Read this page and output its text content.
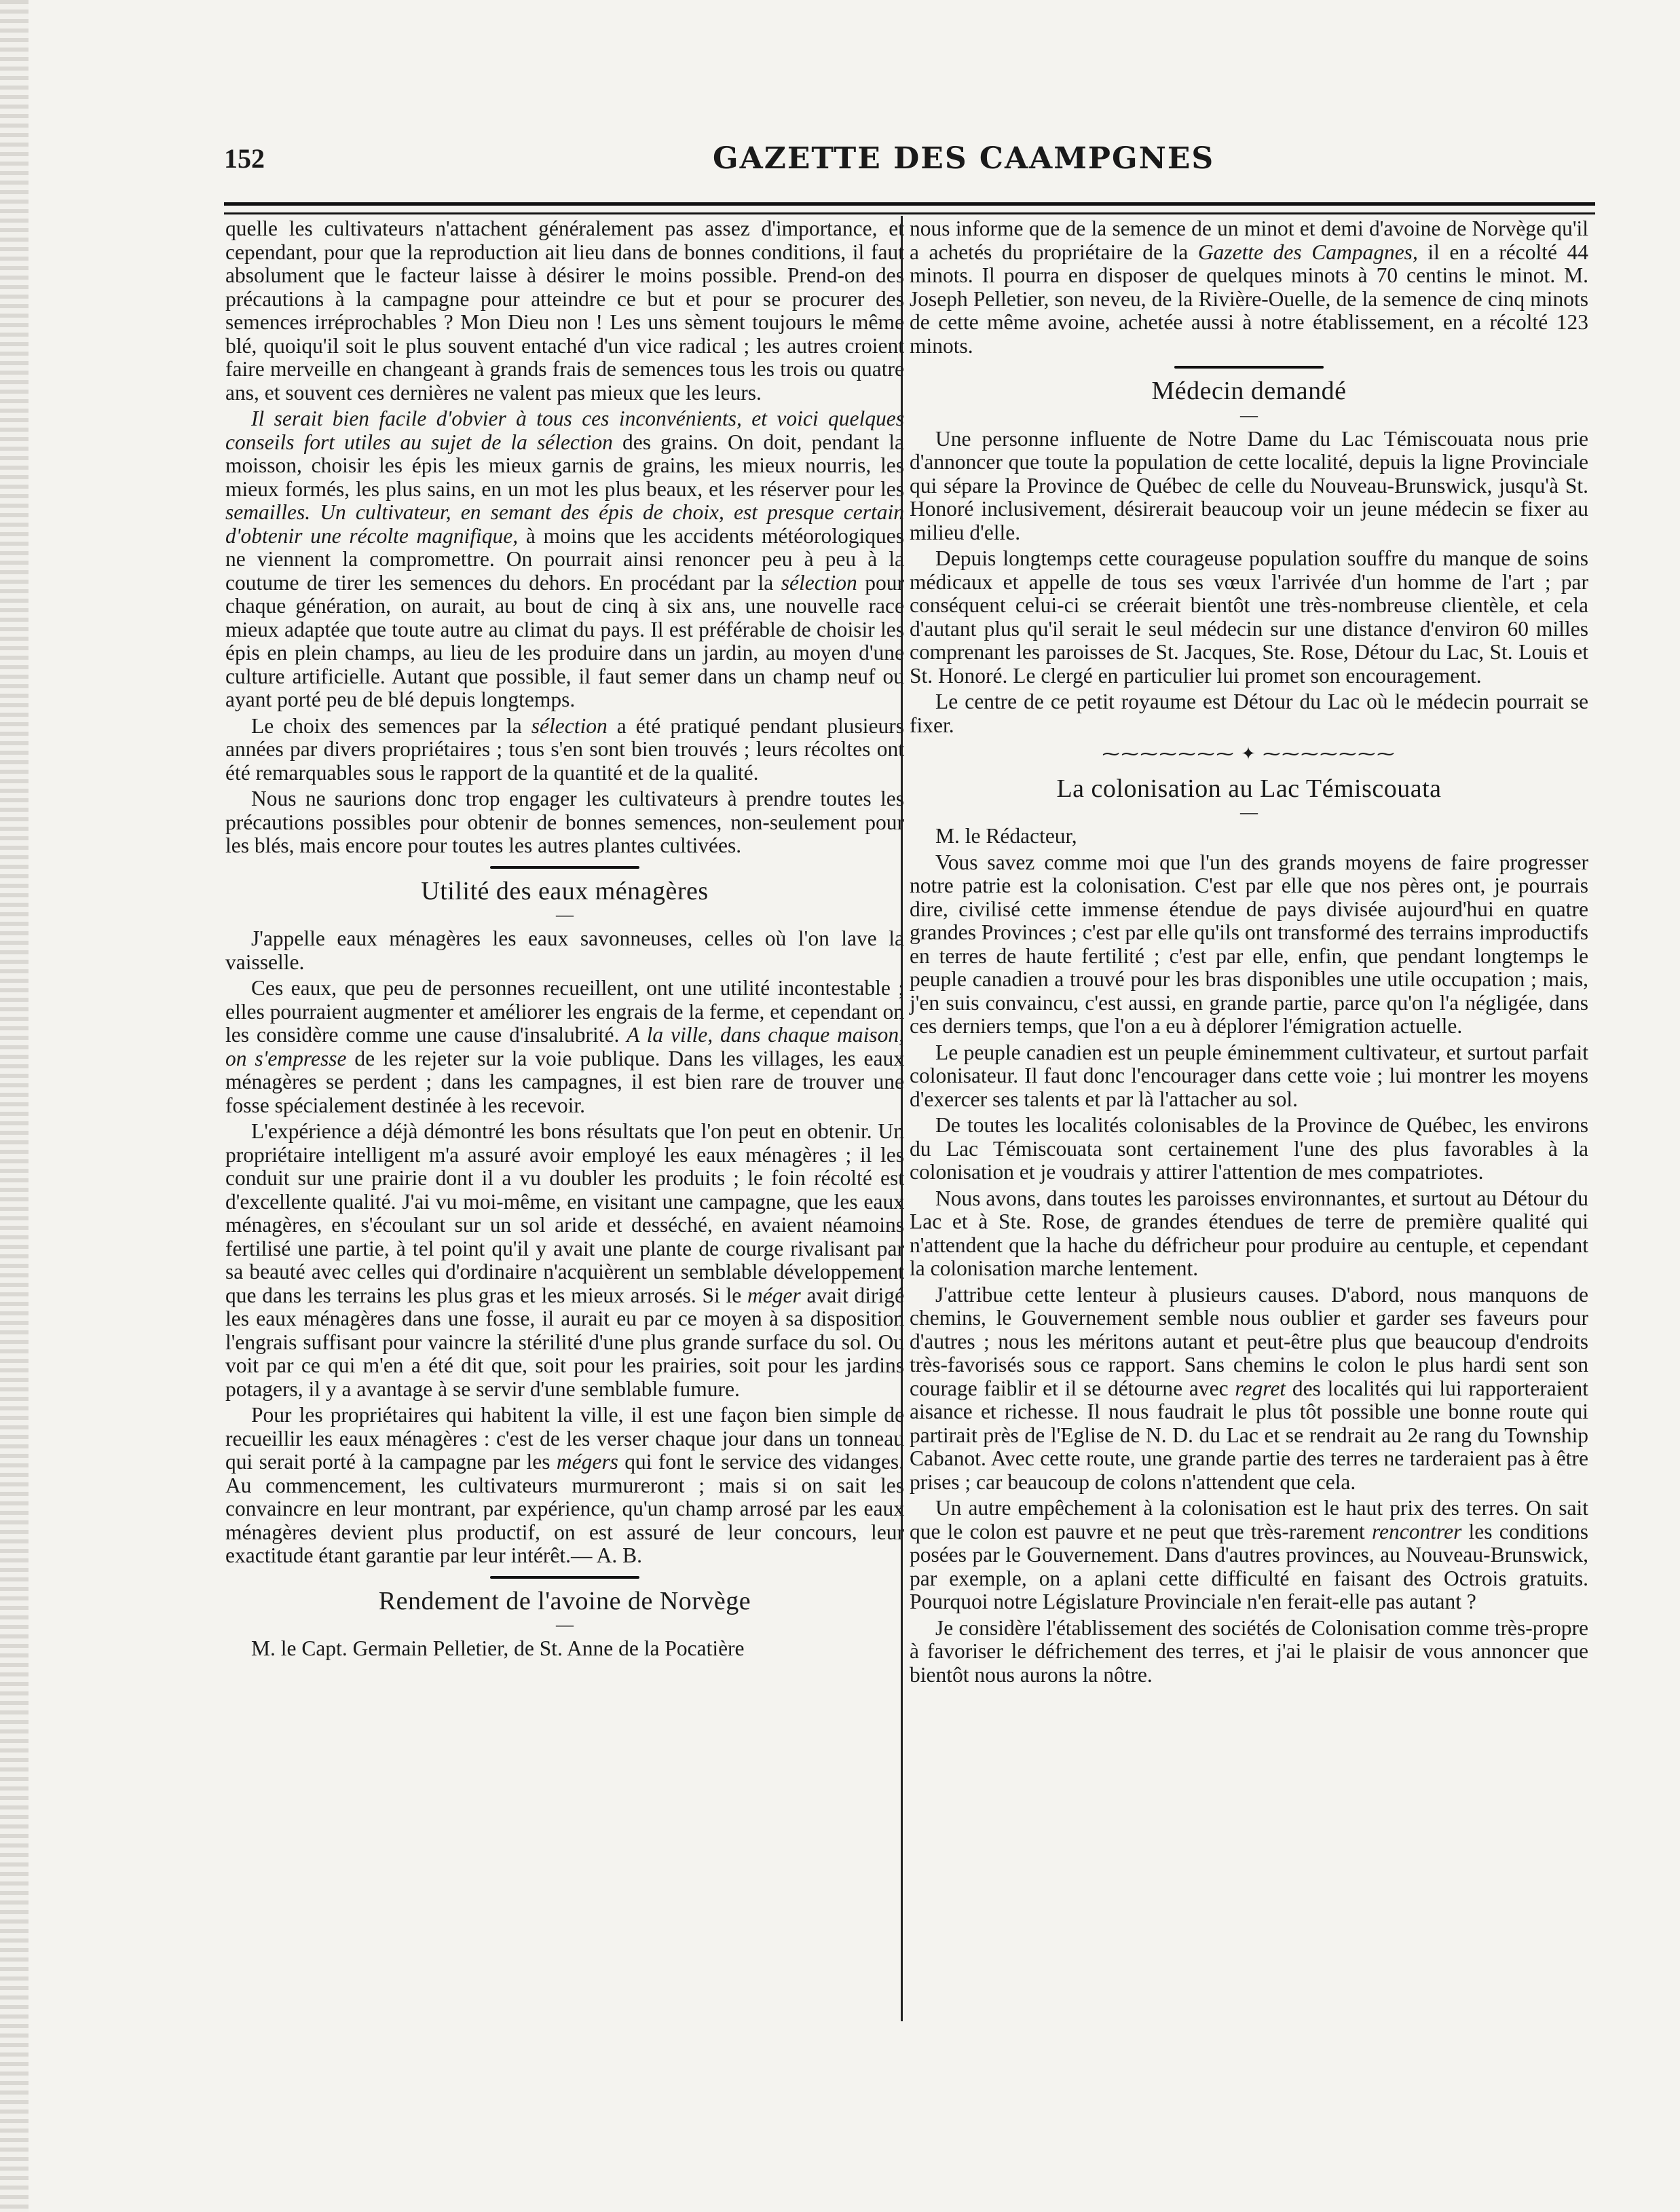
152	GAZETTE DES CAAMPGNES

quelle les cultivateurs n'attachent généralement pas assez d'importance, et cependant, pour que la reproduction ait lieu dans de bonnes conditions, il faut absolument que le facteur laisse à désirer le moins possible. Prend-on des précautions à la campagne pour atteindre ce but et pour se procurer des semences irréprochables ? Mon Dieu non ! Les uns sèment toujours le même blé, quoiqu'il soit le plus souvent entaché d'un vice radical ; les autres croient faire merveille en changeant à grands frais de semences tous les trois ou quatre ans, et souvent ces dernières ne valent pas mieux que les leurs.

Il serait bien facile d'obvier à tous ces inconvénients, et voici quelques conseils fort utiles au sujet de la sélection des grains. On doit, pendant la moisson, choisir les épis les mieux garnis de grains, les mieux nourris, les mieux formés, les plus sains, en un mot les plus beaux, et les réserver pour les semailles. Un cultivateur, en semant des épis de choix, est presque certain d'obtenir une récolte magnifique, à moins que les accidents météorologiques ne viennent la compromettre. On pourrait ainsi renoncer peu à peu à la coutume de tirer les semences du dehors. En procédant par la sélection pour chaque génération, on aurait, au bout de cinq à six ans, une nouvelle race mieux adaptée que toute autre au climat du pays. Il est préférable de choisir les épis en plein champs, au lieu de les produire dans un jardin, au moyen d'une culture artificielle. Autant que possible, il faut semer dans un champ neuf ou ayant porté peu de blé depuis longtemps.

Le choix des semences par la sélection a été pratiqué pendant plusieurs années par divers propriétaires ; tous s'en sont bien trouvés ; leurs récoltes ont été remarquables sous le rapport de la quantité et de la qualité.

Nous ne saurions donc trop engager les cultivateurs à prendre toutes les précautions possibles pour obtenir de bonnes semences, non-seulement pour les blés, mais encore pour toutes les autres plantes cultivées.

Utilité des eaux ménagères
—

J'appelle eaux ménagères les eaux savonneuses, celles où l'on lave la vaisselle.

Ces eaux, que peu de personnes recueillent, ont une utilité incontestable ; elles pourraient augmenter et améliorer les engrais de la ferme, et cependant on les considère comme une cause d'insalubrité. A la ville, dans chaque maison, on s'empresse de les rejeter sur la voie publique. Dans les villages, les eaux ménagères se perdent ; dans les campagnes, il est bien rare de trouver une fosse spécialement destinée à les recevoir.

L'expérience a déjà démontré les bons résultats que l'on peut en obtenir. Un propriétaire intelligent m'a assuré avoir employé les eaux ménagères ; il les conduit sur une prairie dont il a vu doubler les produits ; le foin récolté est d'excellente qualité. J'ai vu moi-même, en visitant une campagne, que les eaux ménagères, en s'écoulant sur un sol aride et desséché, en avaient néamoins fertilisé une partie, à tel point qu'il y avait une plante de courge rivalisant par sa beauté avec celles qui d'ordinaire n'acquièrent un semblable développement que dans les terrains les plus gras et les mieux arrosés. Si le méger avait dirigé les eaux ménagères dans une fosse, il aurait eu par ce moyen à sa disposition l'engrais suffisant pour vaincre la stérilité d'une plus grande surface du sol. Ou voit par ce qui m'en a été dit que, soit pour les prairies, soit pour les jardins potagers, il y a avantage à se servir d'une semblable fumure.

Pour les propriétaires qui habitent la ville, il est une façon bien simple de recueillir les eaux ménagères : c'est de les verser chaque jour dans un tonneau qui serait porté à la campagne par les mégers qui font le service des vidanges. Au commencement, les cultivateurs murmureront ; mais si on sait les convaincre en leur montrant, par expérience, qu'un champ arrosé par les eaux ménagères devient plus productif, on est assuré de leur concours, leur exactitude étant garantie par leur intérêt.— A. B.

Rendement de l'avoine de Norvège
—

M. le Capt. Germain Pelletier, de St. Anne de la Pocatière

nous informe que de la semence de un minot et demi d'avoine de Norvège qu'il a achetés du propriétaire de la Gazette des Campagnes, il en a récolté 44 minots. Il pourra en disposer de quelques minots à 70 centins le minot. M. Joseph Pelletier, son neveu, de la Rivière-Ouelle, de la semence de cinq minots de cette même avoine, achetée aussi à notre établissement, en a récolté 123 minots.

Médecin demandé
—

Une personne influente de Notre Dame du Lac Témiscouata nous prie d'annoncer que toute la population de cette localité, depuis la ligne Provinciale qui sépare la Province de Québec de celle du Nouveau-Brunswick, jusqu'à St. Honoré inclusivement, désirerait beaucoup voir un jeune médecin se fixer au milieu d'elle.

Depuis longtemps cette courageuse population souffre du manque de soins médicaux et appelle de tous ses vœux l'arrivée d'un homme de l'art ; par conséquent celui-ci se créerait bientôt une très-nombreuse clientèle, et cela d'autant plus qu'il serait le seul médecin sur une distance d'environ 60 milles comprenant les paroisses de St. Jacques, Ste. Rose, Détour du Lac, St. Louis et St. Honoré. Le clergé en particulier lui promet son encouragement.

Le centre de ce petit royaume est Détour du Lac où le médecin pourrait se fixer.

⁓⁓⁓⁓⁓⁓⁓ ✦ ⁓⁓⁓⁓⁓⁓⁓
La colonisation au Lac Témiscouata
—

M. le Rédacteur,

Vous savez comme moi que l'un des grands moyens de faire progresser notre patrie est la colonisation. C'est par elle que nos pères ont, je pourrais dire, civilisé cette immense étendue de pays divisée aujourd'hui en quatre grandes Provinces ; c'est par elle qu'ils ont transformé des terrains improductifs en terres de haute fertilité ; c'est par elle, enfin, que pendant longtemps le peuple canadien a trouvé pour les bras disponibles une utile occupation ; mais, j'en suis convaincu, c'est aussi, en grande partie, parce qu'on l'a négligée, dans ces derniers temps, que l'on a eu à déplorer l'émigration actuelle.

Le peuple canadien est un peuple éminemment cultivateur, et surtout parfait colonisateur. Il faut donc l'encourager dans cette voie ; lui montrer les moyens d'exercer ses talents et par là l'attacher au sol.

De toutes les localités colonisables de la Province de Québec, les environs du Lac Témiscouata sont certainement l'une des plus favorables à la colonisation et je voudrais y attirer l'attention de mes compatriotes.

Nous avons, dans toutes les paroisses environnantes, et surtout au Détour du Lac et à Ste. Rose, de grandes étendues de terre de première qualité qui n'attendent que la hache du défricheur pour produire au centuple, et cependant la colonisation marche lentement.

J'attribue cette lenteur à plusieurs causes. D'abord, nous manquons de chemins, le Gouvernement semble nous oublier et garder ses faveurs pour d'autres ; nous les méritons autant et peut-être plus que beaucoup d'endroits très-favorisés sous ce rapport. Sans chemins le colon le plus hardi sent son courage faiblir et il se détourne avec regret des localités qui lui rapporteraient aisance et richesse. Il nous faudrait le plus tôt possible une bonne route qui partirait près de l'Eglise de N. D. du Lac et se rendrait au 2e rang du Township Cabanot. Avec cette route, une grande partie des terres ne tarderaient pas à être prises ; car beaucoup de colons n'attendent que cela.

Un autre empêchement à la colonisation est le haut prix des terres. On sait que le colon est pauvre et ne peut que très-rarement rencontrer les conditions posées par le Gouvernement. Dans d'autres provinces, au Nouveau-Brunswick, par exemple, on a aplani cette difficulté en faisant des Octrois gratuits. Pourquoi notre Législature Provinciale n'en ferait-elle pas autant ?

Je considère l'établissement des sociétés de Colonisation comme très-propre à favoriser le défrichement des terres, et j'ai le plaisir de vous annoncer que bientôt nous aurons la nôtre.
